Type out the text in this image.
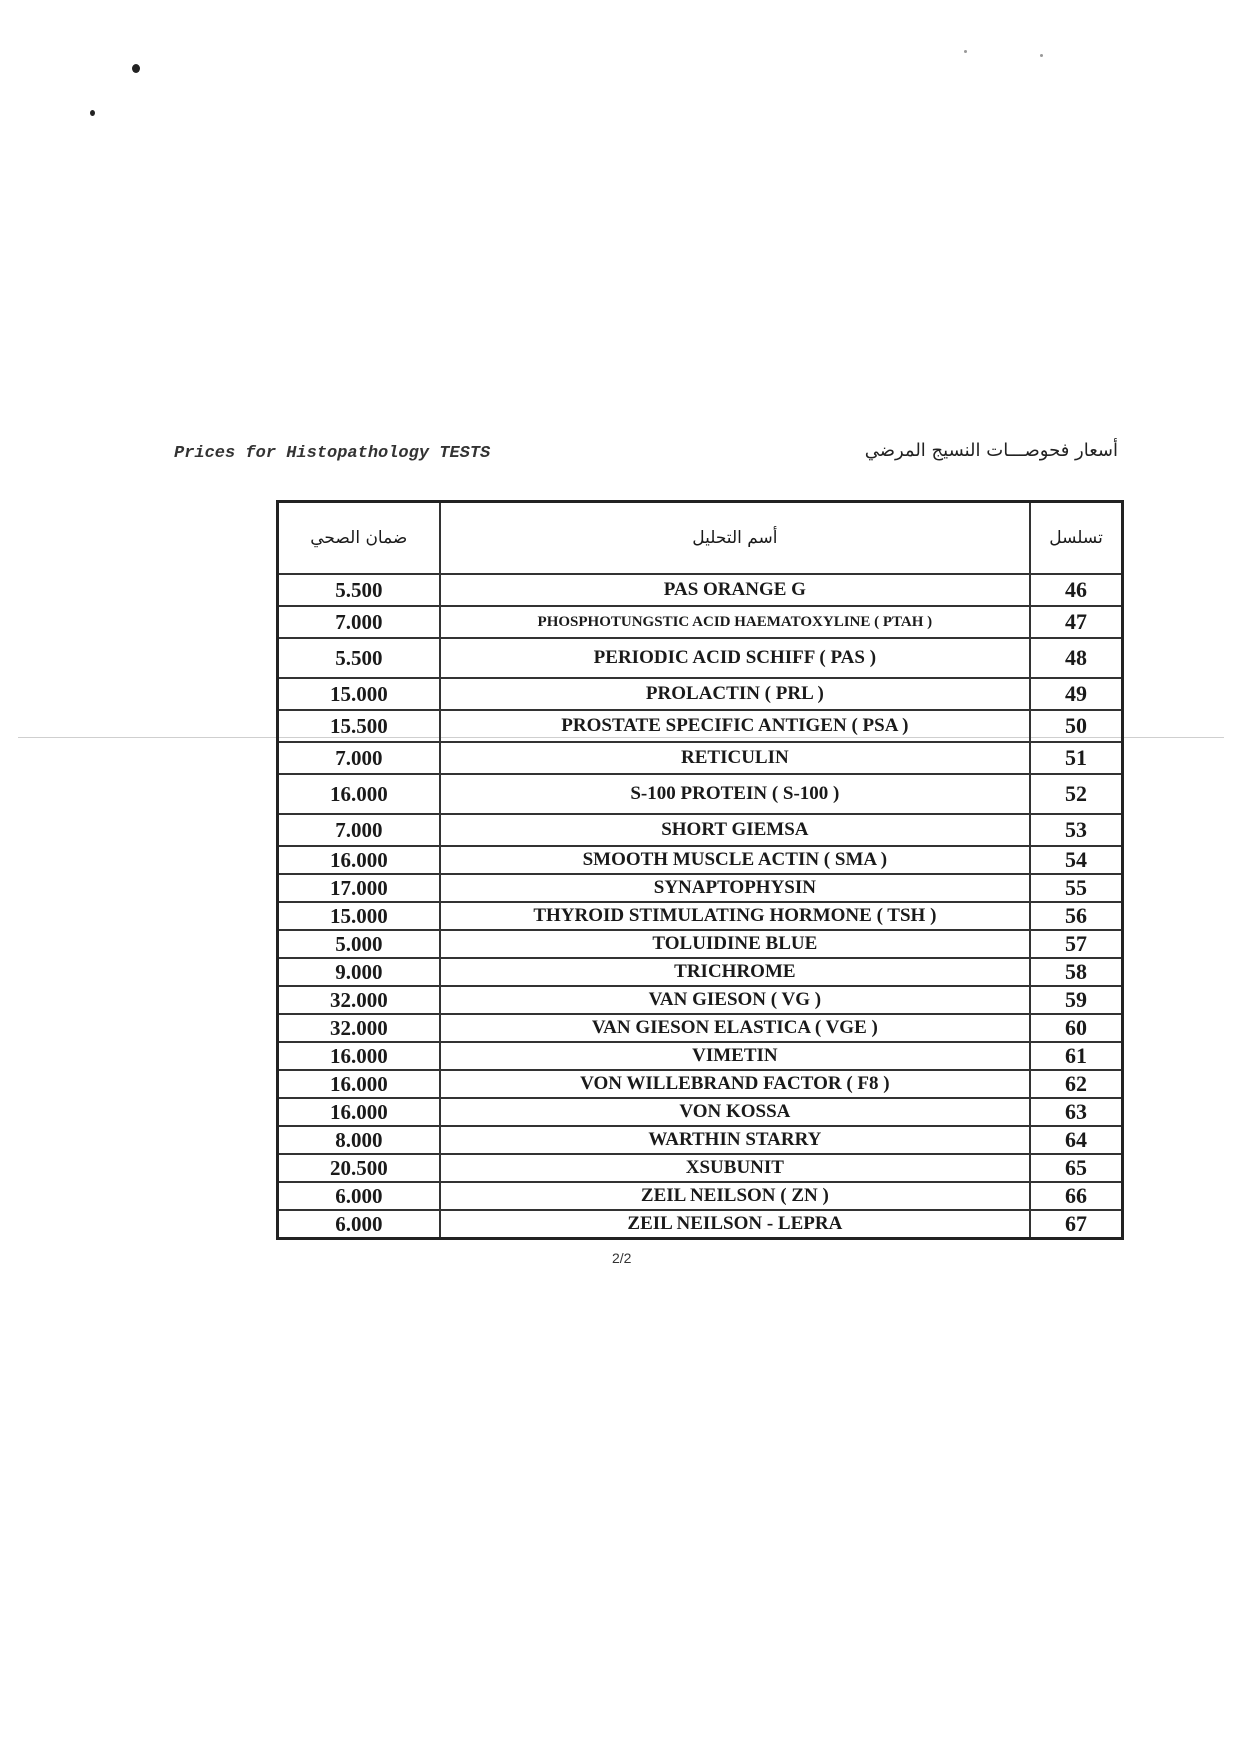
Prices for Histopathology TESTS	أسعار فحوصـــات النسيج المرضي
ضمان الصحي	أسم التحليل	تسلسل
5.500	PAS ORANGE G	46
7.000	PHOSPHOTUNGSTIC ACID HAEMATOXYLINE ( PTAH )	47
5.500	PERIODIC ACID SCHIFF ( PAS )	48
15.000	PROLACTIN ( PRL )	49
15.500	PROSTATE SPECIFIC ANTIGEN ( PSA )	50
7.000	RETICULIN	51
16.000	S-100 PROTEIN ( S-100 )	52
7.000	SHORT GIEMSA	53
16.000	SMOOTH MUSCLE ACTIN ( SMA )	54
17.000	SYNAPTOPHYSIN	55
15.000	THYROID STIMULATING HORMONE ( TSH )	56
5.000	TOLUIDINE BLUE	57
9.000	TRICHROME	58
32.000	VAN GIESON ( VG )	59
32.000	VAN GIESON ELASTICA ( VGE )	60
16.000	VIMETIN	61
16.000	VON WILLEBRAND FACTOR ( F8 )	62
16.000	VON KOSSA	63
8.000	WARTHIN STARRY	64
20.500	XSUBUNIT	65
6.000	ZEIL NEILSON ( ZN )	66
6.000	ZEIL NEILSON - LEPRA	67
2/2
